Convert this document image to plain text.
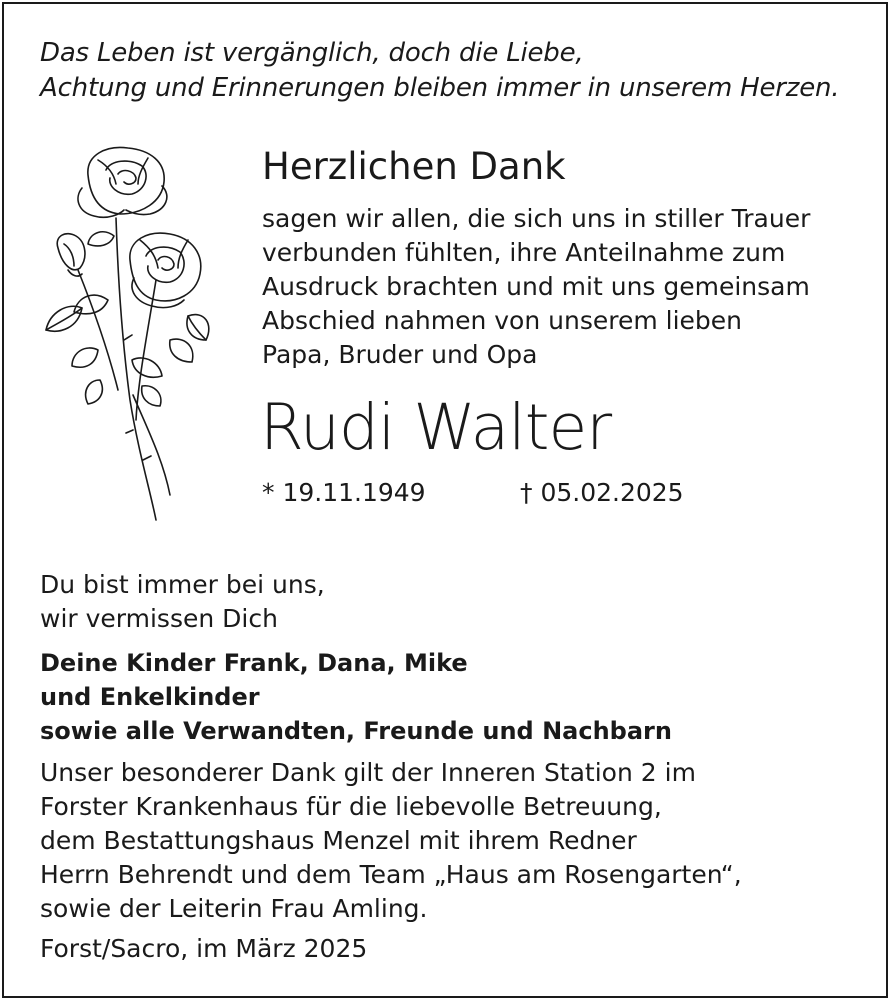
Das Leben ist vergänglich, doch die Liebe,
Achtung und Erinnerungen bleiben immer in unserem Herzen.
Herzlichen Dank
sagen wir allen, die sich uns in stiller Trauer
verbunden fühlten, ihre Anteilnahme zum
Ausdruck brachten und mit uns gemeinsam
Abschied nahmen von unserem lieben
Papa, Bruder und Opa
Rudi Walter
* 19.11.1949	† 05.02.2025
Du bist immer bei uns,
wir vermissen Dich
Deine Kinder Frank, Dana, Mike
und Enkelkinder
sowie alle Verwandten, Freunde und Nachbarn
Unser besonderer Dank gilt der Inneren Station 2 im
Forster Krankenhaus für die liebevolle Betreuung,
dem Bestattungshaus Menzel mit ihrem Redner
Herrn Behrendt und dem Team „Haus am Rosengarten“,
sowie der Leiterin Frau Amling.
Forst/Sacro, im März 2025
